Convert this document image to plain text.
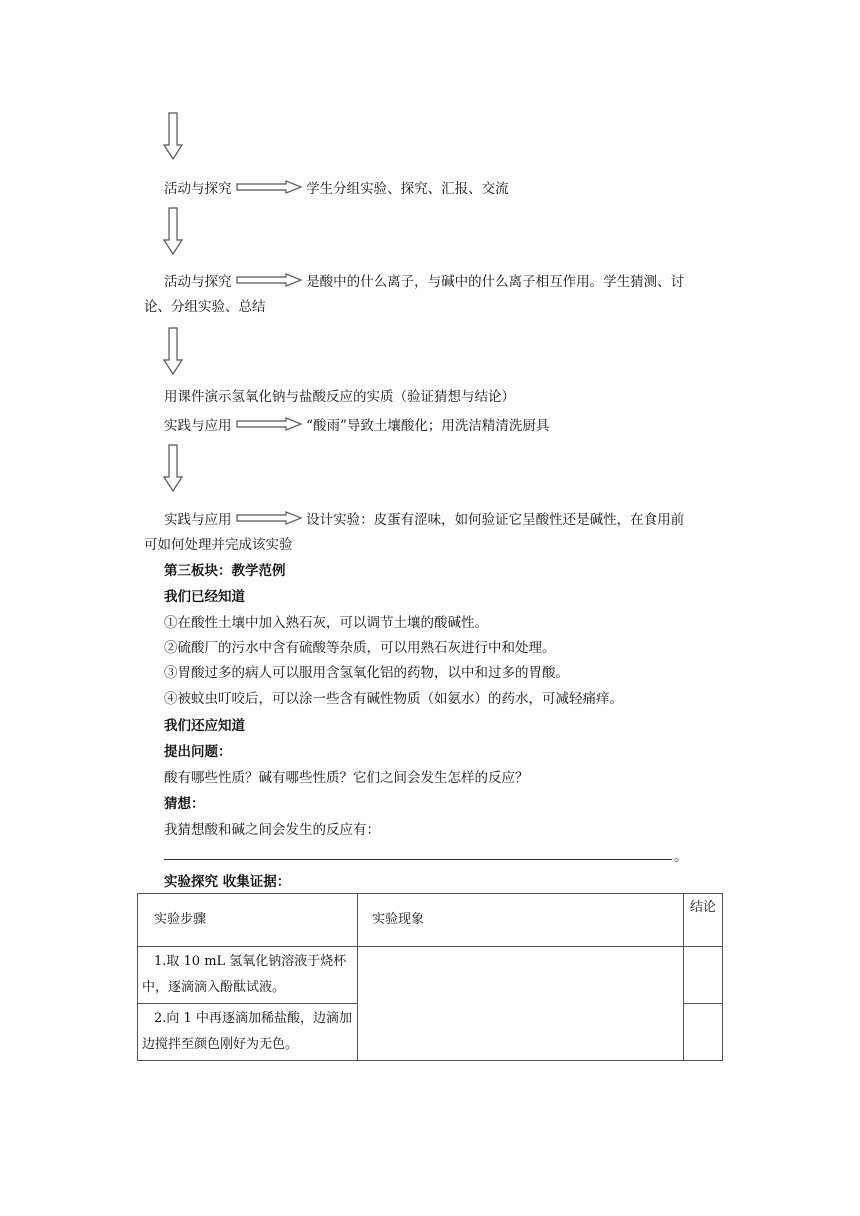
活动与探究	学生分组实验、探究、汇报、交流
活动与探究	是酸中的什么离子，与碱中的什么离子相互作用。学生猜测、讨
论、分组实验、总结
用课件演示氢氧化钠与盐酸反应的实质（验证猜想与结论）
实践与应用	“酸雨”导致土壤酸化；用洗洁精清洗厨具
实践与应用	设计实验：皮蛋有涩味，如何验证它呈酸性还是碱性，在食用前
可如何处理并完成该实验
第三板块：教学范例
我们已经知道
①在酸性土壤中加入熟石灰，可以调节土壤的酸碱性。
②硫酸厂的污水中含有硫酸等杂质，可以用熟石灰进行中和处理。
③胃酸过多的病人可以服用含氢氧化铝的药物，以中和过多的胃酸。
④被蚊虫叮咬后，可以涂一些含有碱性物质（如氨水）的药水，可减轻痛痒。
我们还应知道
提出问题：
酸有哪些性质？碱有哪些性质？它们之间会发生怎样的反应？
猜想：
我猜想酸和碱之间会发生的反应有：
。
实验探究 收集证据：
实验步骤	实验现象	结论

1.取 10 mL 氢氧化钠溶液于烧杯中，逐滴滴入酚酞试液。		

2.向 1 中再逐滴加稀盐酸，边滴加边搅拌至颜色刚好为无色。		
